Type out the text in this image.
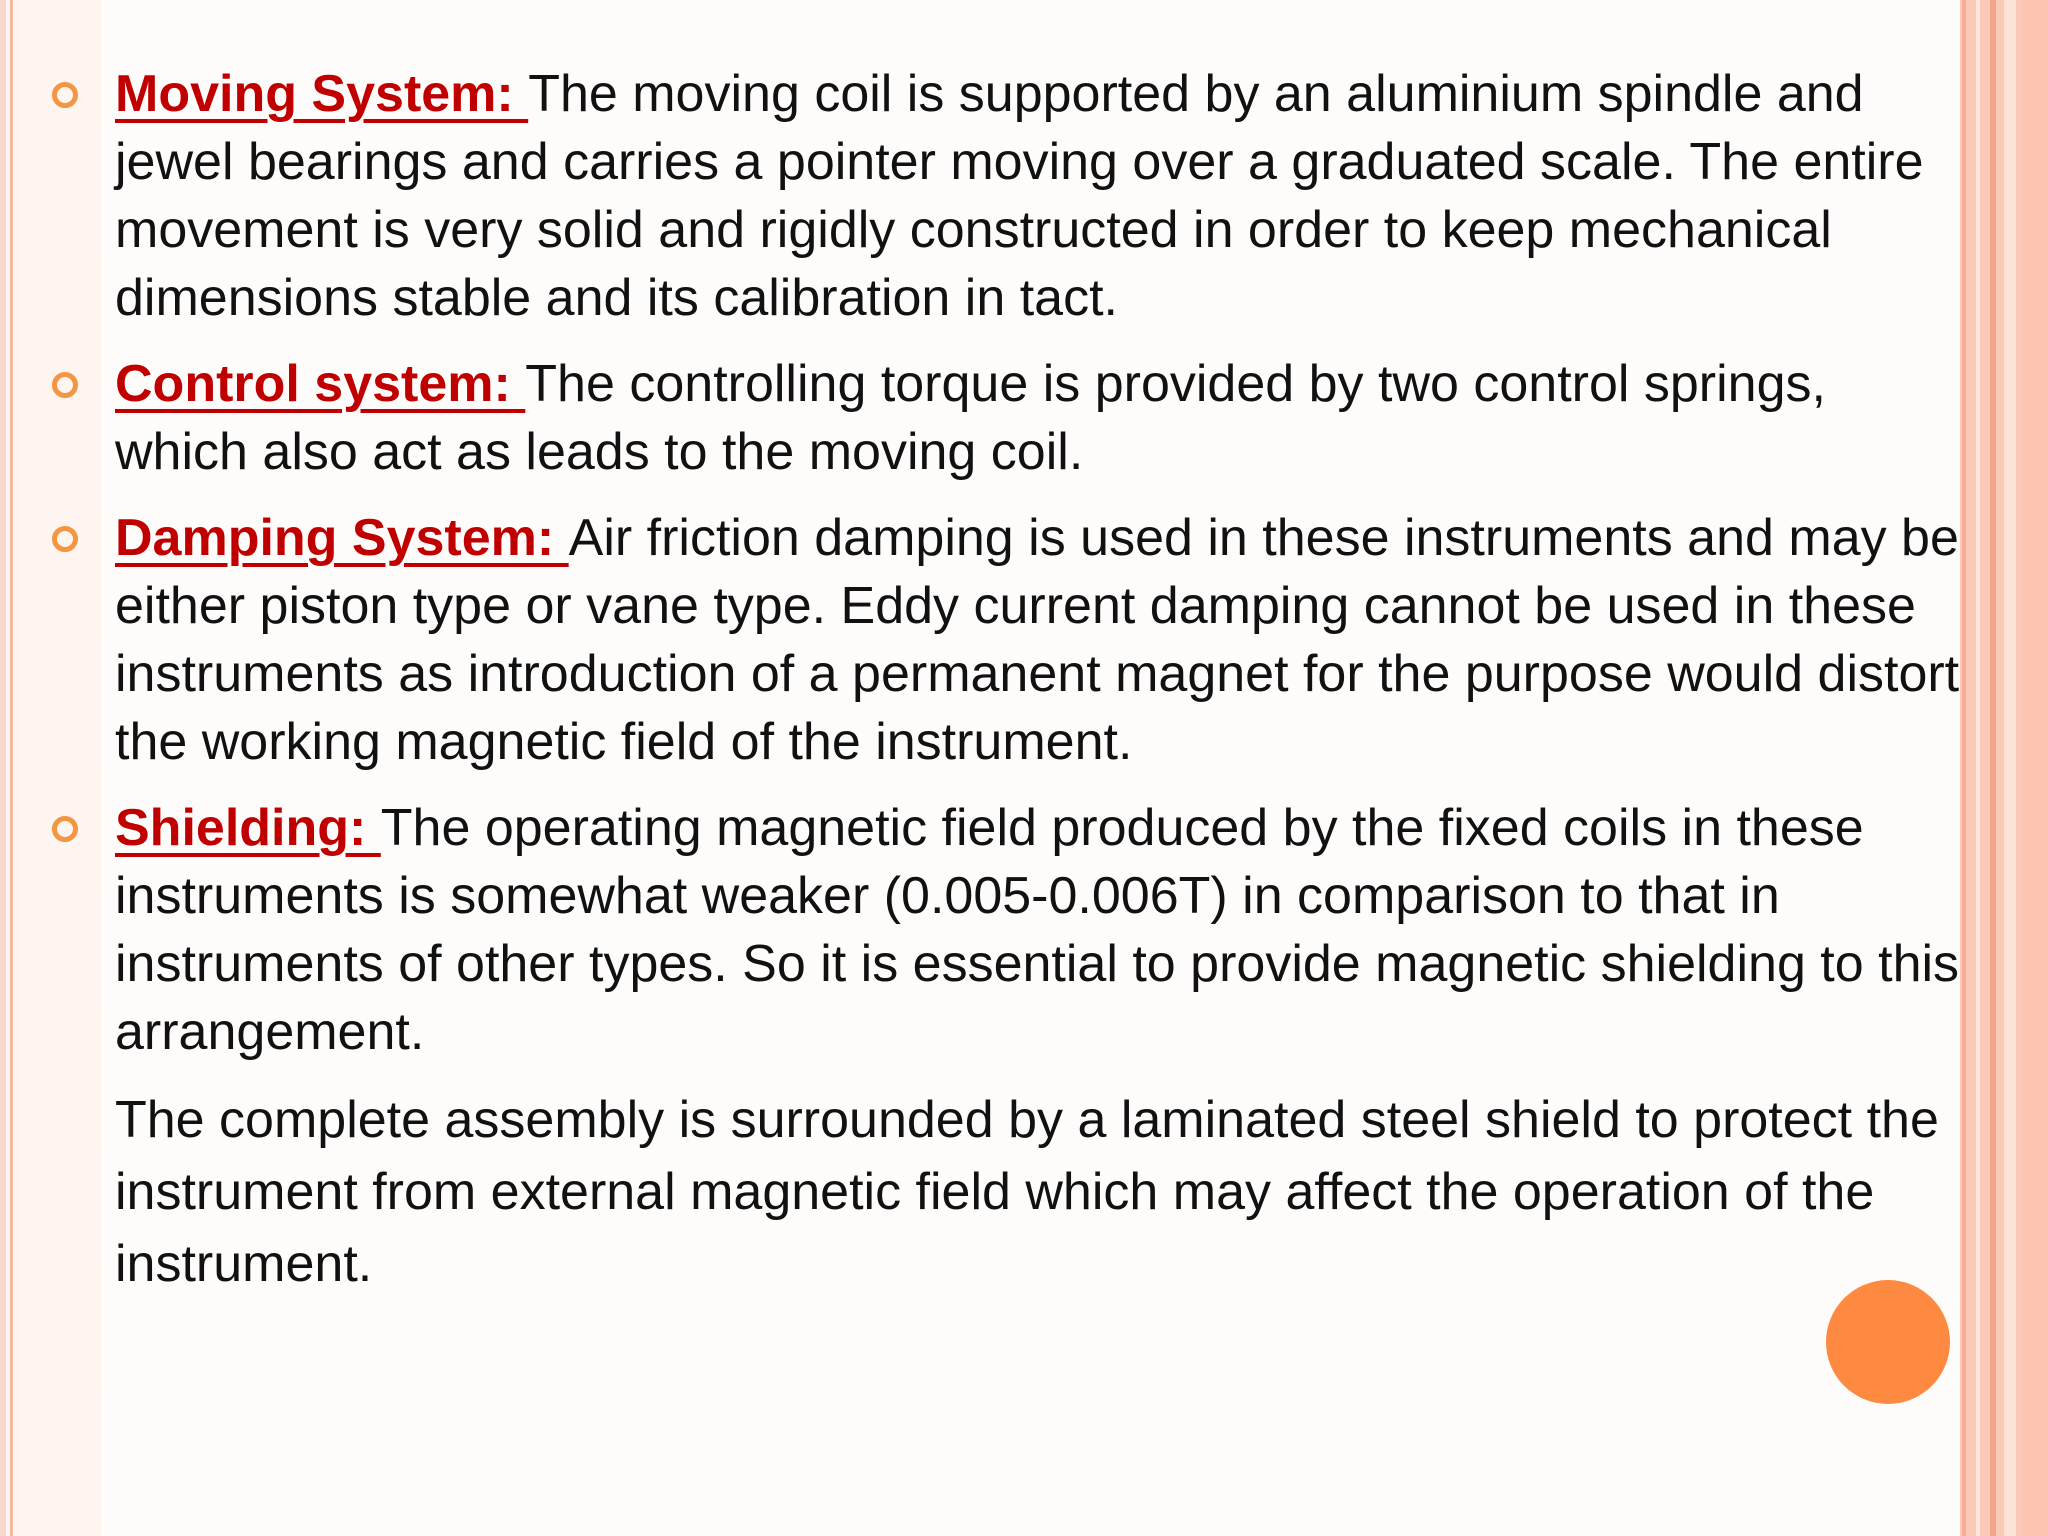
Moving System: The moving coil is supported by an aluminium spindle and jewel bearings and carries a pointer moving over a graduated scale. The entire movement is very solid and rigidly constructed in order to keep mechanical dimensions stable and its calibration in tact.
Control system: The controlling torque is provided by two control springs, which also act as leads to the moving coil.
Damping System: Air friction damping is used in these instruments and may be either piston type or vane type. Eddy current damping cannot be used in these instruments as introduction of a permanent magnet for the purpose would distort the working magnetic field of the instrument.
Shielding: The operating magnetic field produced by the fixed coils in these instruments is somewhat weaker (0.005-0.006T) in comparison to that in instruments of other types. So it is essential to provide magnetic shielding to this arrangement.

The complete assembly is surrounded by a laminated steel shield to protect the instrument from external magnetic field which may affect the operation of the instrument.
